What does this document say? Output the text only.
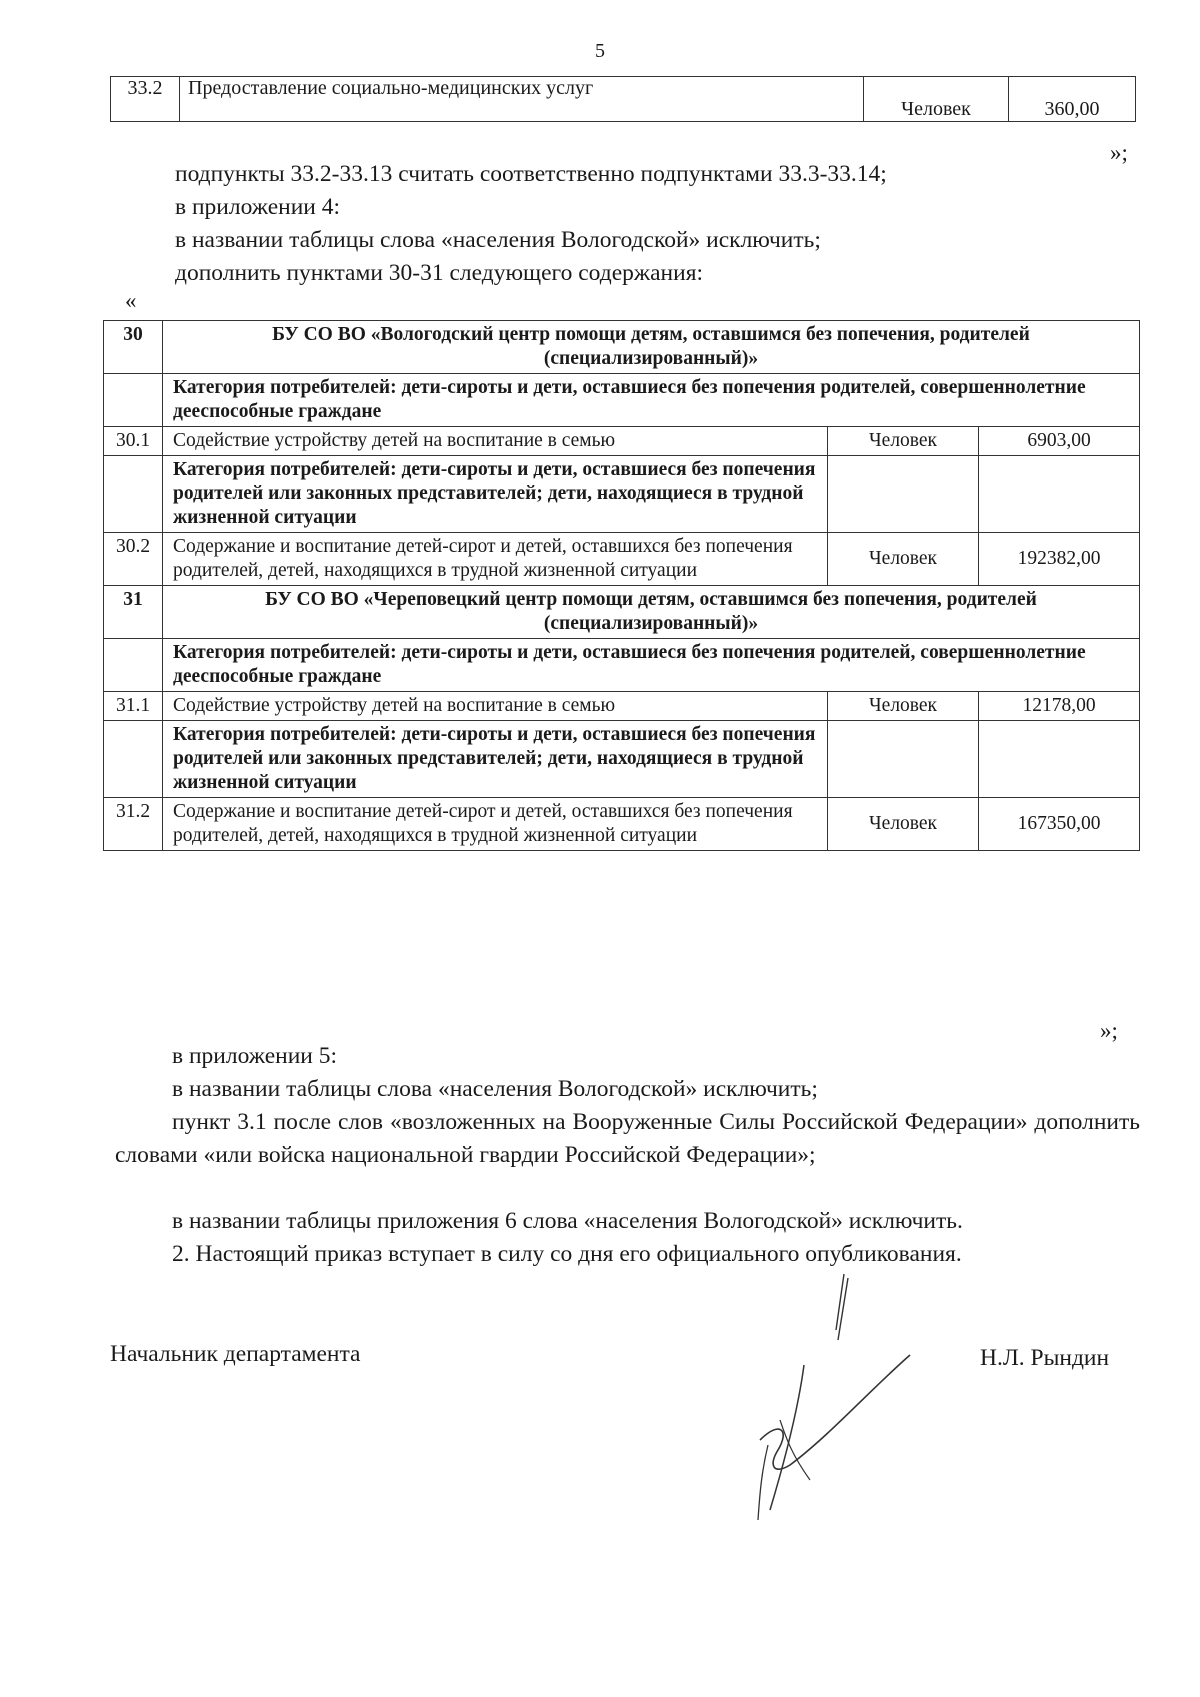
5
33.2	Предоставление социально-медицинских услуг	Человек	360,00
»;
подпункты 33.2-33.13 считать соответственно подпунктами 33.3-33.14;
в приложении 4:
в названии таблицы слова «населения Вологодской» исключить;
дополнить пунктами 30-31 следующего содержания:
«
30	БУ СО ВО «Вологодский центр помощи детям, оставшимся без попечения, родителей (специализированный)»		
	Категория потребителей: дети-сироты и дети, оставшиеся без попечения родителей, совершеннолетние дееспособные граждане		
30.1	Содействие устройству детей на воспитание в семью	Человек	6903,00
	Категория потребителей: дети-сироты и дети, оставшиеся без попечения родителей или законных представителей; дети, находящиеся в трудной жизненной ситуации		
30.2	Содержание и воспитание детей-сирот и детей, оставшихся без попечения родителей, детей, находящихся в трудной жизненной ситуации	Человек	192382,00
31	БУ СО ВО «Череповецкий центр помощи детям, оставшимся без попечения, родителей (специализированный)»		
	Категория потребителей: дети-сироты и дети, оставшиеся без попечения родителей, совершеннолетние дееспособные граждане		
31.1	Содействие устройству детей на воспитание в семью	Человек	12178,00
	Категория потребителей: дети-сироты и дети, оставшиеся без попечения родителей или законных представителей; дети, находящиеся в трудной жизненной ситуации		
31.2	Содержание и воспитание детей-сирот и детей, оставшихся без попечения родителей, детей, находящихся в трудной жизненной ситуации	Человек	167350,00
»;
в приложении 5:
в названии таблицы слова «населения Вологодской» исключить;
пункт 3.1 после слов «возложенных на Вооруженные Силы Российской Федерации» дополнить словами «или войска национальной гвардии Российской Федерации»;
в названии таблицы приложения 6 слова «населения Вологодской» исключить.
2. Настоящий приказ вступает в силу со дня его официального опубликования.
Начальник департамента	Н.Л. Рындин
